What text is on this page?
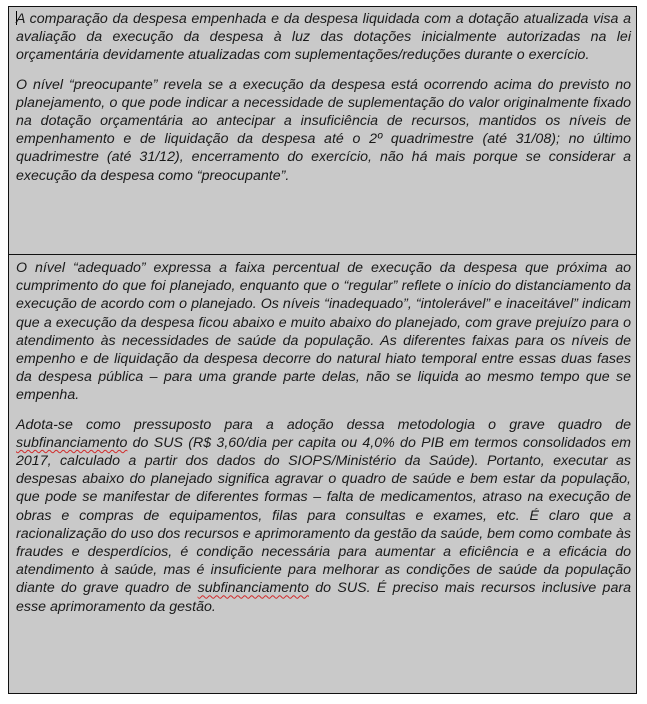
A comparação da despesa empenhada e da despesa liquidada com a dotação atualizada visa a avaliação da execução da despesa à luz das dotações inicialmente autorizadas na lei orçamentária devidamente atualizadas com suplementações/reduções durante o exercício.

O nível “preocupante” revela se a execução da despesa está ocorrendo acima do previsto no planejamento, o que pode indicar a necessidade de suplementação do valor originalmente fixado na dotação orçamentária ao antecipar a insuficiência de recursos, mantidos os níveis de empenhamento e de liquidação da despesa até o 2º quadrimestre (até 31/08); no último quadrimestre (até 31/12), encerramento do exercício, não há mais porque se considerar a execução da despesa como “preocupante”.

O nível “adequado” expressa a faixa percentual de execução da despesa que próxima ao cumprimento do que foi planejado, enquanto que o “regular” reflete o início do distanciamento da execução de acordo com o planejado. Os níveis “inadequado”, “intolerável” e inaceitável” indicam que a execução da despesa ficou abaixo e muito abaixo do planejado, com grave prejuízo para o atendimento às necessidades de saúde da população. As diferentes faixas para os níveis de empenho e de liquidação da despesa decorre do natural hiato temporal entre essas duas fases da despesa pública – para uma grande parte delas, não se liquida ao mesmo tempo que se empenha.

Adota-se como pressuposto para a adoção dessa metodologia o grave quadro de subfinanciamento do SUS (R$ 3,60/dia per capita ou 4,0% do PIB em termos consolidados em 2017, calculado a partir dos dados do SIOPS/Ministério da Saúde). Portanto, executar as despesas abaixo do planejado significa agravar o quadro de saúde e bem estar da população, que pode se manifestar de diferentes formas – falta de medicamentos, atraso na execução de obras e compras de equipamentos, filas para consultas e exames, etc. É claro que a racionalização do uso dos recursos e aprimoramento da gestão da saúde, bem como combate às fraudes e desperdícios, é condição necessária para aumentar a eficiência e a eficácia do atendimento à saúde, mas é insuficiente para melhorar as condições de saúde da população diante do grave quadro de subfinanciamento do SUS. É preciso mais recursos inclusive para esse aprimoramento da gestão.
